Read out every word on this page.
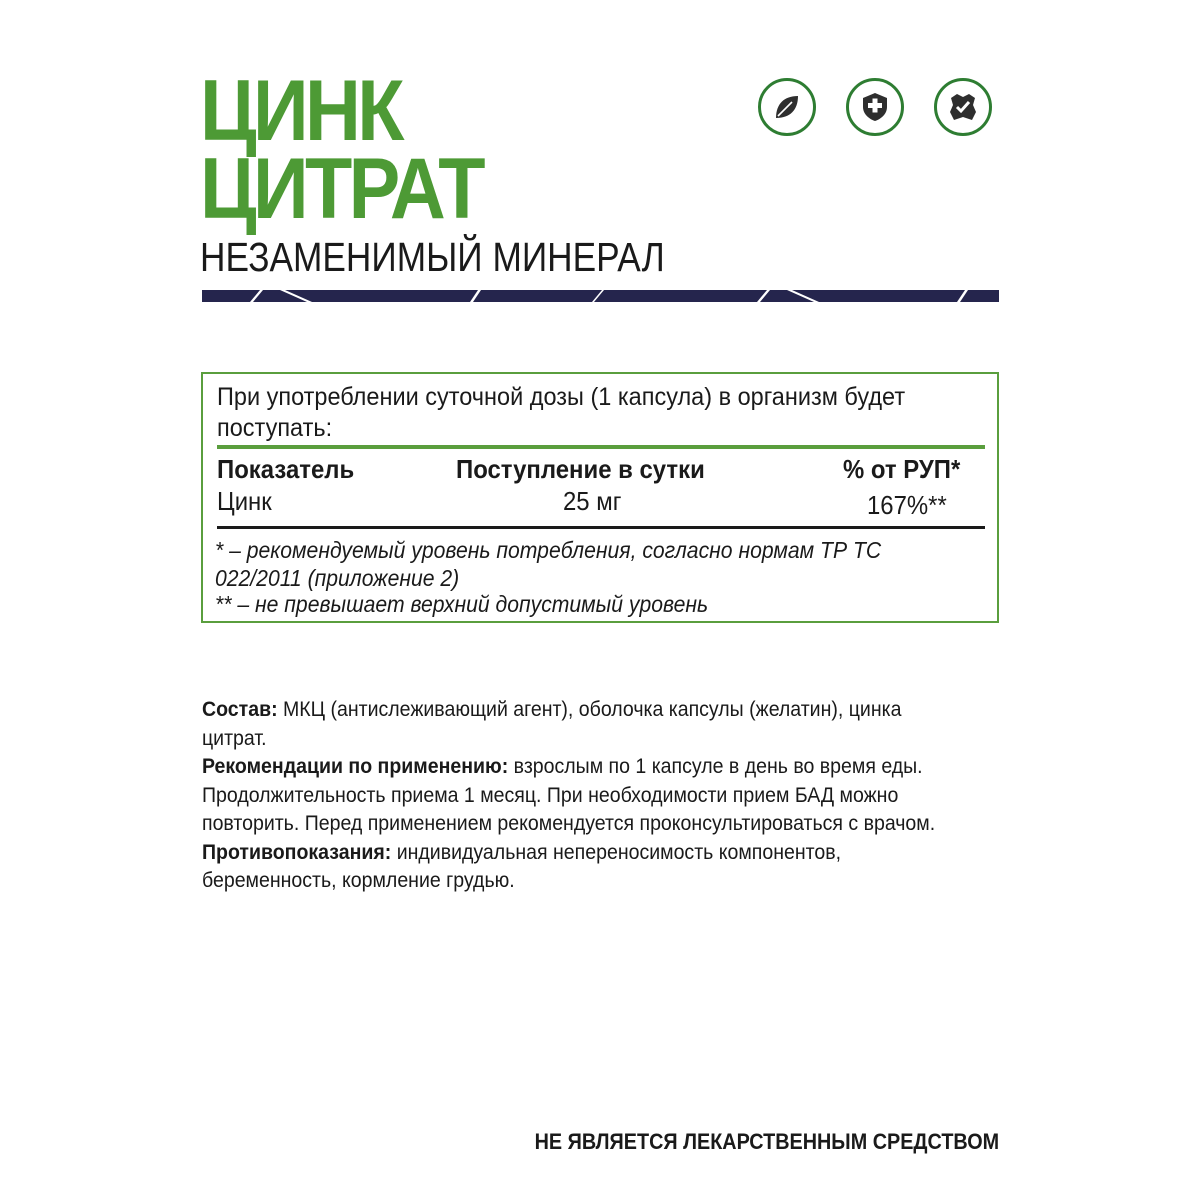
ЦИНК
ЦИТРАТ
НЕЗАМЕНИМЫЙ МИНЕРАЛ
При употреблении суточной дозы (1 капсула) в организм будет поступать:
Показатель	Поступление в сутки	% от РУП*
Цинк	25 мг	167%**
* – рекомендуемый уровень потребления, согласно нормам ТР ТС 022/2011 (приложение 2)
** – не превышает верхний допустимый уровень

Состав: МКЦ (антислеживающий агент), оболочка капсулы (желатин), цинка цитрат.

Рекомендации по применению: взрослым по 1 капсуле в день во время еды. Продолжительность приема 1 месяц. При необходимости прием БАД можно повторить. Перед применением рекомендуется проконсультироваться с врачом.

Противопоказания: индивидуальная непереносимость компонентов, беременность, кормление грудью.

НЕ ЯВЛЯЕТСЯ ЛЕКАРСТВЕННЫМ СРЕДСТВОМ
